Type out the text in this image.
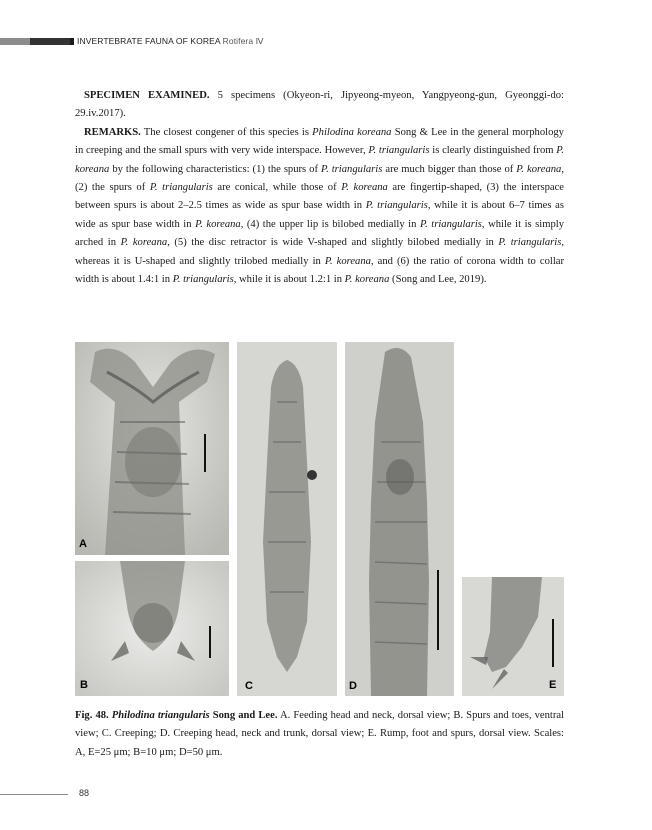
INVERTEBRATE FAUNA OF KOREA Rotifera Ⅳ

SPECIMEN EXAMINED. 5 specimens (Okyeon-ri, Jipyeong-myeon, Yangpyeong-gun, Gyeonggi-do: 29.iv.2017).

REMARKS. The closest congener of this species is Philodina koreana Song & Lee in the general morphology in creeping and the small spurs with very wide interspace. However, P. triangularis is clearly distinguished from P. koreana by the following characteristics: (1) the spurs of P. triangularis are much bigger than those of P. koreana, (2) the spurs of P. triangularis are conical, while those of P. koreana are fingertip-shaped, (3) the interspace between spurs is about 2–2.5 times as wide as spur base width in P. triangularis, while it is about 6–7 times as wide as spur base width in P. koreana, (4) the upper lip is bilobed medially in P. triangularis, while it is simply arched in P. koreana, (5) the disc retractor is wide V-shaped and slightly bilobed medially in P. triangularis, whereas it is U-shaped and slightly trilobed medially in P. koreana, and (6) the ratio of corona width to collar width is about 1.4:1 in P. triangularis, while it is about 1.2:1 in P. koreana (Song and Lee, 2019).

A
B	C	D	E
Fig. 48. Philodina triangularis Song and Lee. A. Feeding head and neck, dorsal view; B. Spurs and toes, ventral view; C. Creeping; D. Creeping head, neck and trunk, dorsal view; E. Rump, foot and spurs, dorsal view. Scales: A, E=25 μm; B=10 μm; D=50 μm.
88
